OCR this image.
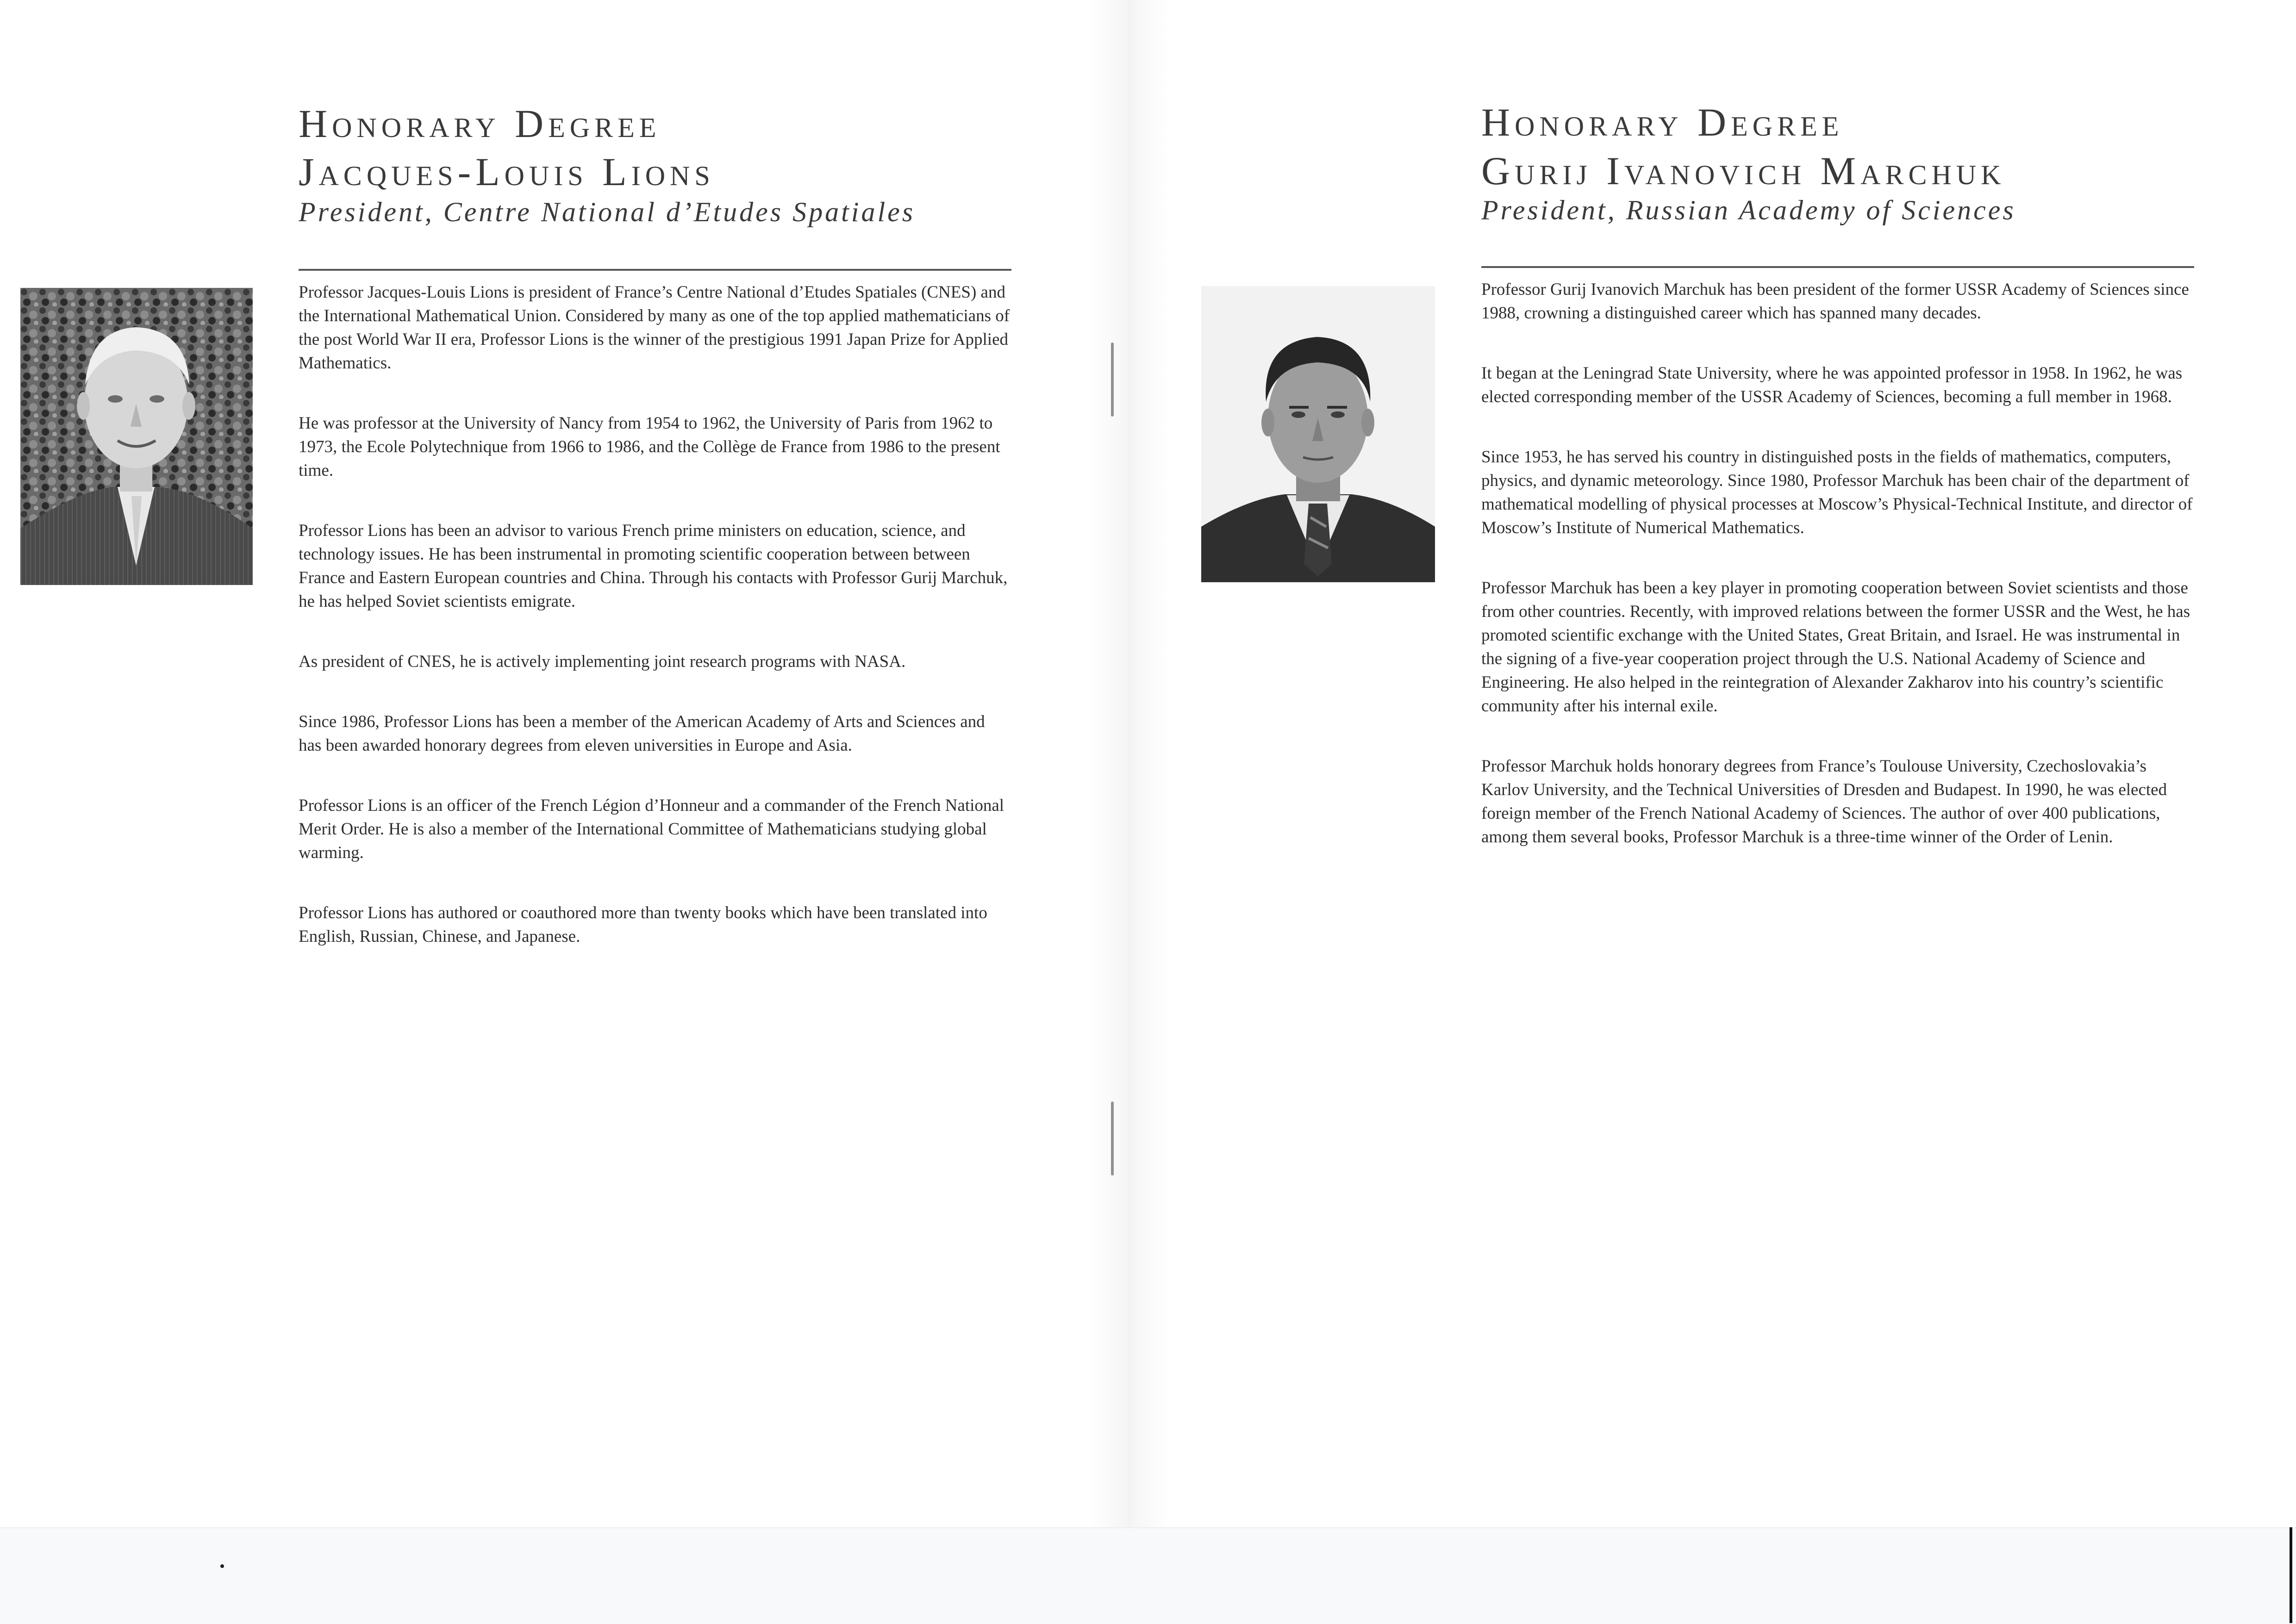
Honorary Degree
Jacques-Louis Lions
President, Centre National d’Etudes Spatiales

Professor Jacques-Louis Lions is president of France’s Centre National d’Etudes Spatiales (CNES) and the International Mathematical Union. Considered by many as one of the top applied mathematicians of the post World War II era, Professor Lions is the winner of the prestigious 1991 Japan Prize for Applied Mathematics.

He was professor at the University of Nancy from 1954 to 1962, the University of Paris from 1962 to 1973, the Ecole Polytechnique from 1966 to 1986, and the Collège de France from 1986 to the present time.

Professor Lions has been an advisor to various French prime ministers on education, science, and technology issues. He has been instrumental in promoting scientific cooperation between between France and Eastern European countries and China. Through his contacts with Professor Gurij Marchuk, he has helped Soviet scientists emigrate.

As president of CNES, he is actively implementing joint research programs with NASA.

Since 1986, Professor Lions has been a member of the American Academy of Arts and Sciences and has been awarded honorary degrees from eleven universities in Europe and Asia.

Professor Lions is an officer of the French Légion d’Honneur and a commander of the French National Merit Order. He is also a member of the International Committee of Mathematicians studying global warming.

Professor Lions has authored or coauthored more than twenty books which have been translated into English, Russian, Chinese, and Japanese.

Honorary Degree
Gurij Ivanovich Marchuk
President, Russian Academy of Sciences

Professor Gurij Ivanovich Marchuk has been president of the former USSR Academy of Sciences since 1988, crowning a distinguished career which has spanned many decades.

It began at the Leningrad State University, where he was appointed professor in 1958. In 1962, he was elected corresponding member of the USSR Academy of Sciences, becoming a full member in 1968.

Since 1953, he has served his country in distinguished posts in the fields of mathematics, computers, physics, and dynamic meteorology. Since 1980, Professor Marchuk has been chair of the department of mathematical modelling of physical processes at Moscow’s Physical-Technical Institute, and director of Moscow’s Institute of Numerical Mathematics.

Professor Marchuk has been a key player in promoting cooperation between Soviet scientists and those from other countries. Recently, with improved relations between the former USSR and the West, he has promoted scientific exchange with the United States, Great Britain, and Israel. He was instrumental in the signing of a five-year cooperation project through the U.S. National Academy of Science and Engineering. He also helped in the reintegration of Alexander Zakharov into his country’s scientific community after his internal exile.

Professor Marchuk holds honorary degrees from France’s Toulouse University, Czechoslovakia’s Karlov University, and the Technical Universities of Dresden and Budapest. In 1990, he was elected foreign member of the French National Academy of Sciences. The author of over 400 publications, among them several books, Professor Marchuk is a three-time winner of the Order of Lenin.
